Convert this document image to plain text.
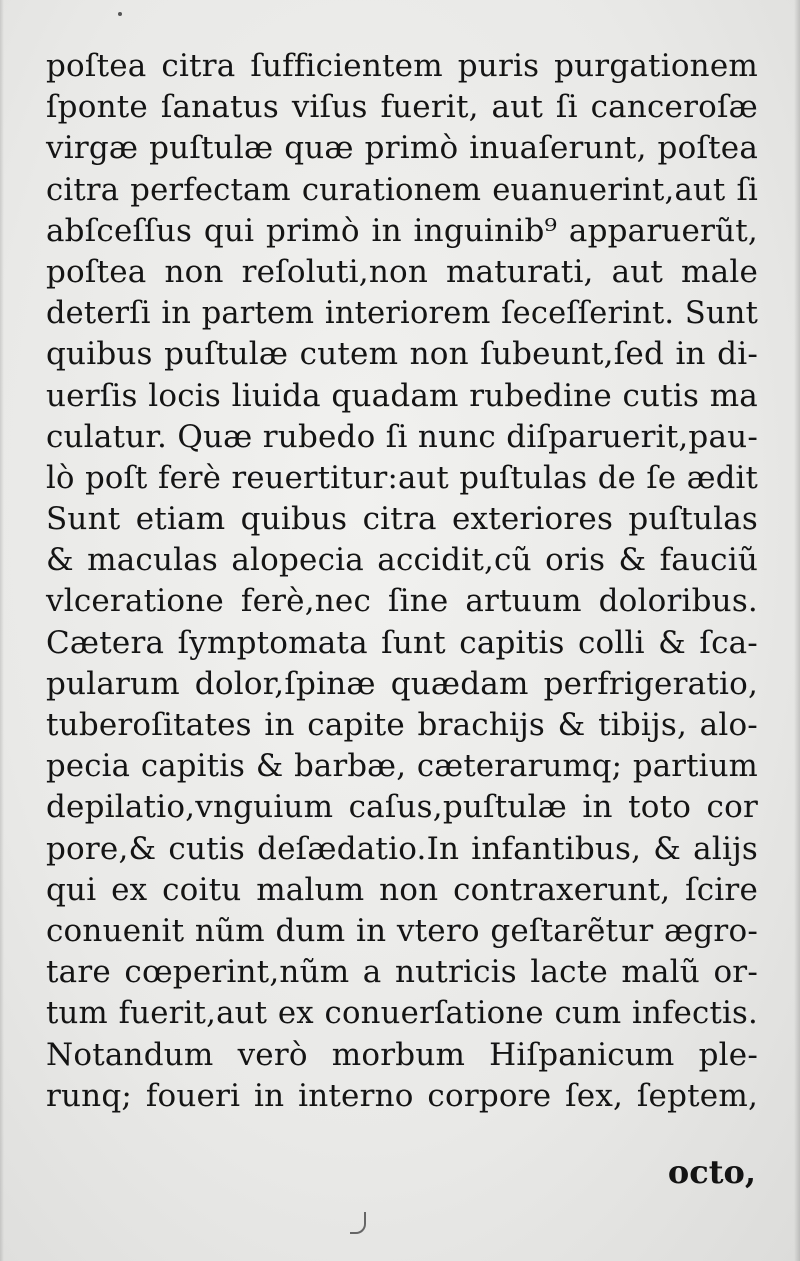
poſtea citra ſufficientem puris purgationem
ſponte ſanatus viſus fuerit, aut ſi canceroſæ
virgæ puſtulæ quæ primò inuaſerunt, poſtea
citra perfectam curationem euanuerint,aut ſi
abſceſſus qui primò in inguinib⁹ apparuerũt,
poſtea non reſoluti,non maturati, aut male
deterſi in partem interiorem ſeceſſerint. Sunt
quibus puſtulæ cutem non ſubeunt,ſed in di-
uerſis locis liuida quadam rubedine cutis ma
culatur. Quæ rubedo ſi nunc diſparuerit,pau-
lò poſt ferè reuertitur:aut puſtulas de ſe ædit
Sunt etiam quibus citra exteriores puſtulas
& maculas alopecia accidit,cũ oris & fauciũ
vlceratione ferè,nec ſine artuum doloribus.
Cætera ſymptomata ſunt capitis colli & ſca-
pularum dolor,ſpinæ quædam perfrigeratio,
tuberoſitates in capite brachijs & tibijs, alo-
pecia capitis & barbæ, cæterarumq; partium
depilatio,vnguium caſus,puſtulæ in toto cor
pore,& cutis deſædatio.In infantibus, & alijs
qui ex coitu malum non contraxerunt, ſcire
conuenit nũm dum in vtero geſtarẽtur ægro-
tare cœperint,nũm a nutricis lacte malũ or-
tum fuerit,aut ex conuerſatione cum infectis.
Notandum verò morbum Hiſpanicum ple-
runq; foueri in interno corpore ſex, ſeptem,
octo,
